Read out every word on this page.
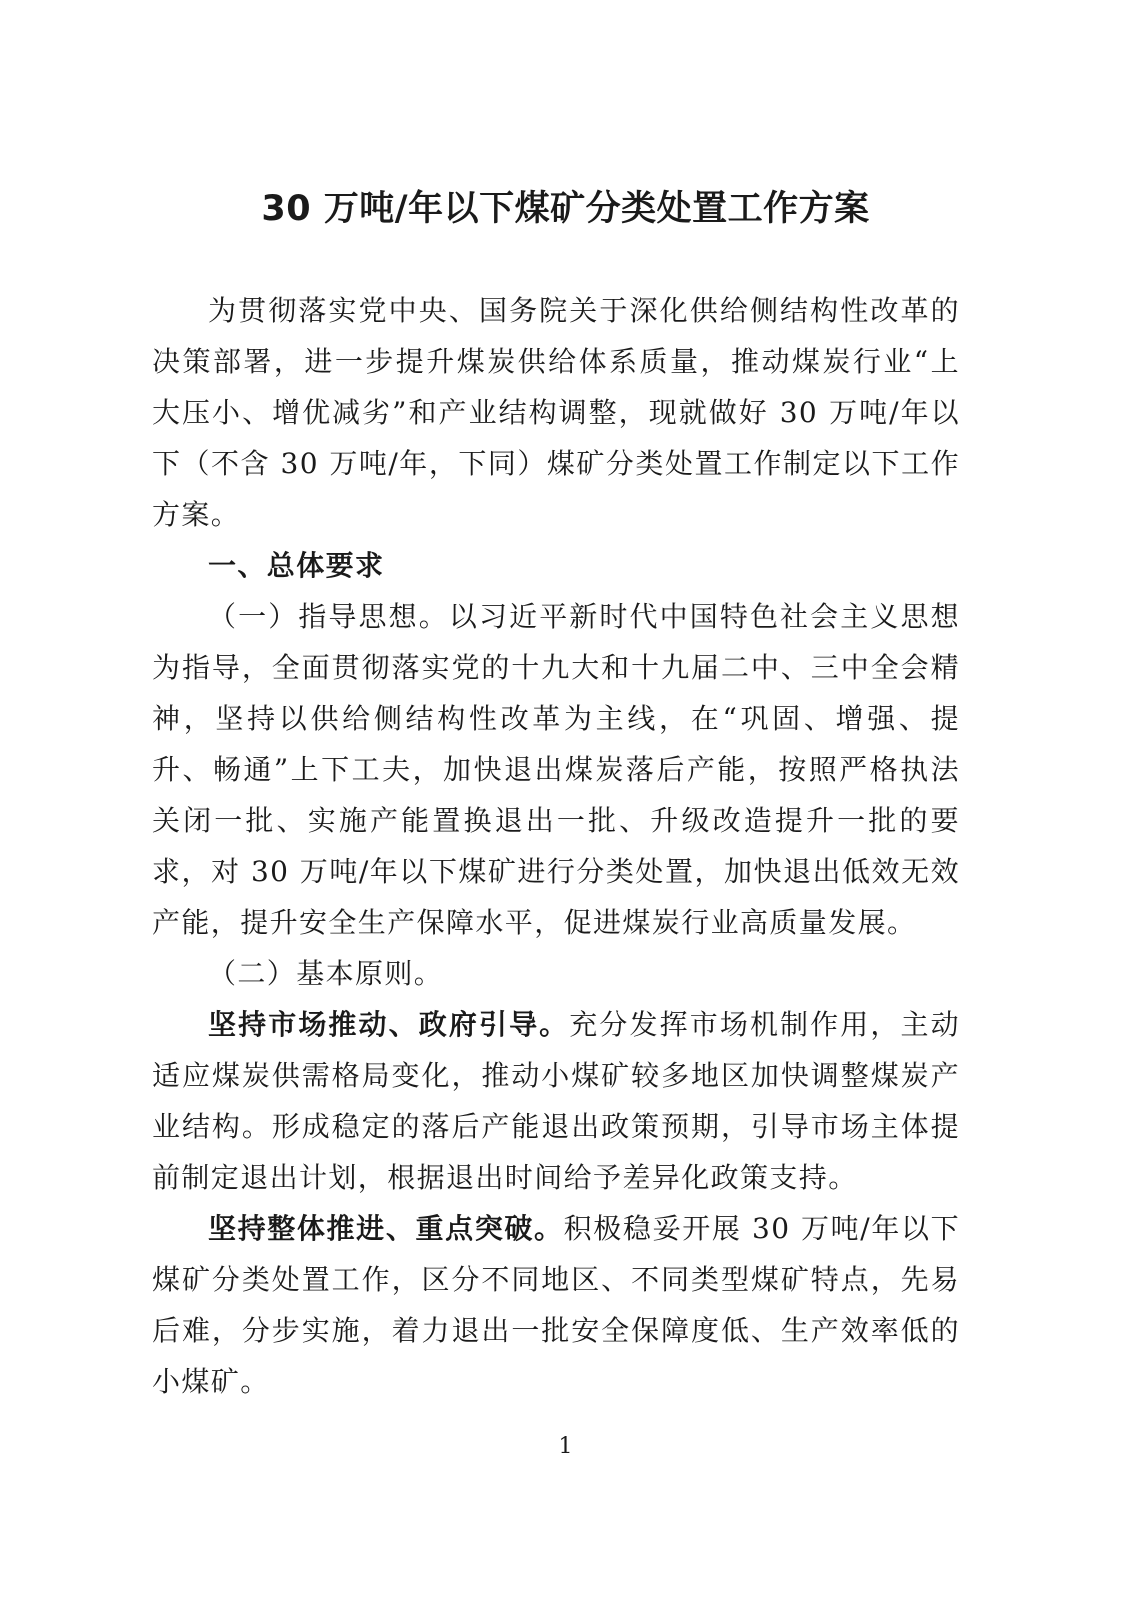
30 万吨/年以下煤矿分类处置工作方案

为贯彻落实党中央、国务院关于深化供给侧结构性改革的决策部署，进一步提升煤炭供给体系质量，推动煤炭行业“上大压小、增优减劣”和产业结构调整，现就做好 30 万吨/年以下（不含 30 万吨/年，下同）煤矿分类处置工作制定以下工作方案。

一、总体要求

（一）指导思想。以习近平新时代中国特色社会主义思想为指导，全面贯彻落实党的十九大和十九届二中、三中全会精神，坚持以供给侧结构性改革为主线，在“巩固、增强、提升、畅通”上下工夫，加快退出煤炭落后产能，按照严格执法关闭一批、实施产能置换退出一批、升级改造提升一批的要求，对 30 万吨/年以下煤矿进行分类处置，加快退出低效无效产能，提升安全生产保障水平，促进煤炭行业高质量发展。

（二）基本原则。

坚持市场推动、政府引导。充分发挥市场机制作用，主动适应煤炭供需格局变化，推动小煤矿较多地区加快调整煤炭产业结构。形成稳定的落后产能退出政策预期，引导市场主体提前制定退出计划，根据退出时间给予差异化政策支持。

坚持整体推进、重点突破。积极稳妥开展 30 万吨/年以下煤矿分类处置工作，区分不同地区、不同类型煤矿特点，先易后难，分步实施，着力退出一批安全保障度低、生产效率低的小煤矿。

1
